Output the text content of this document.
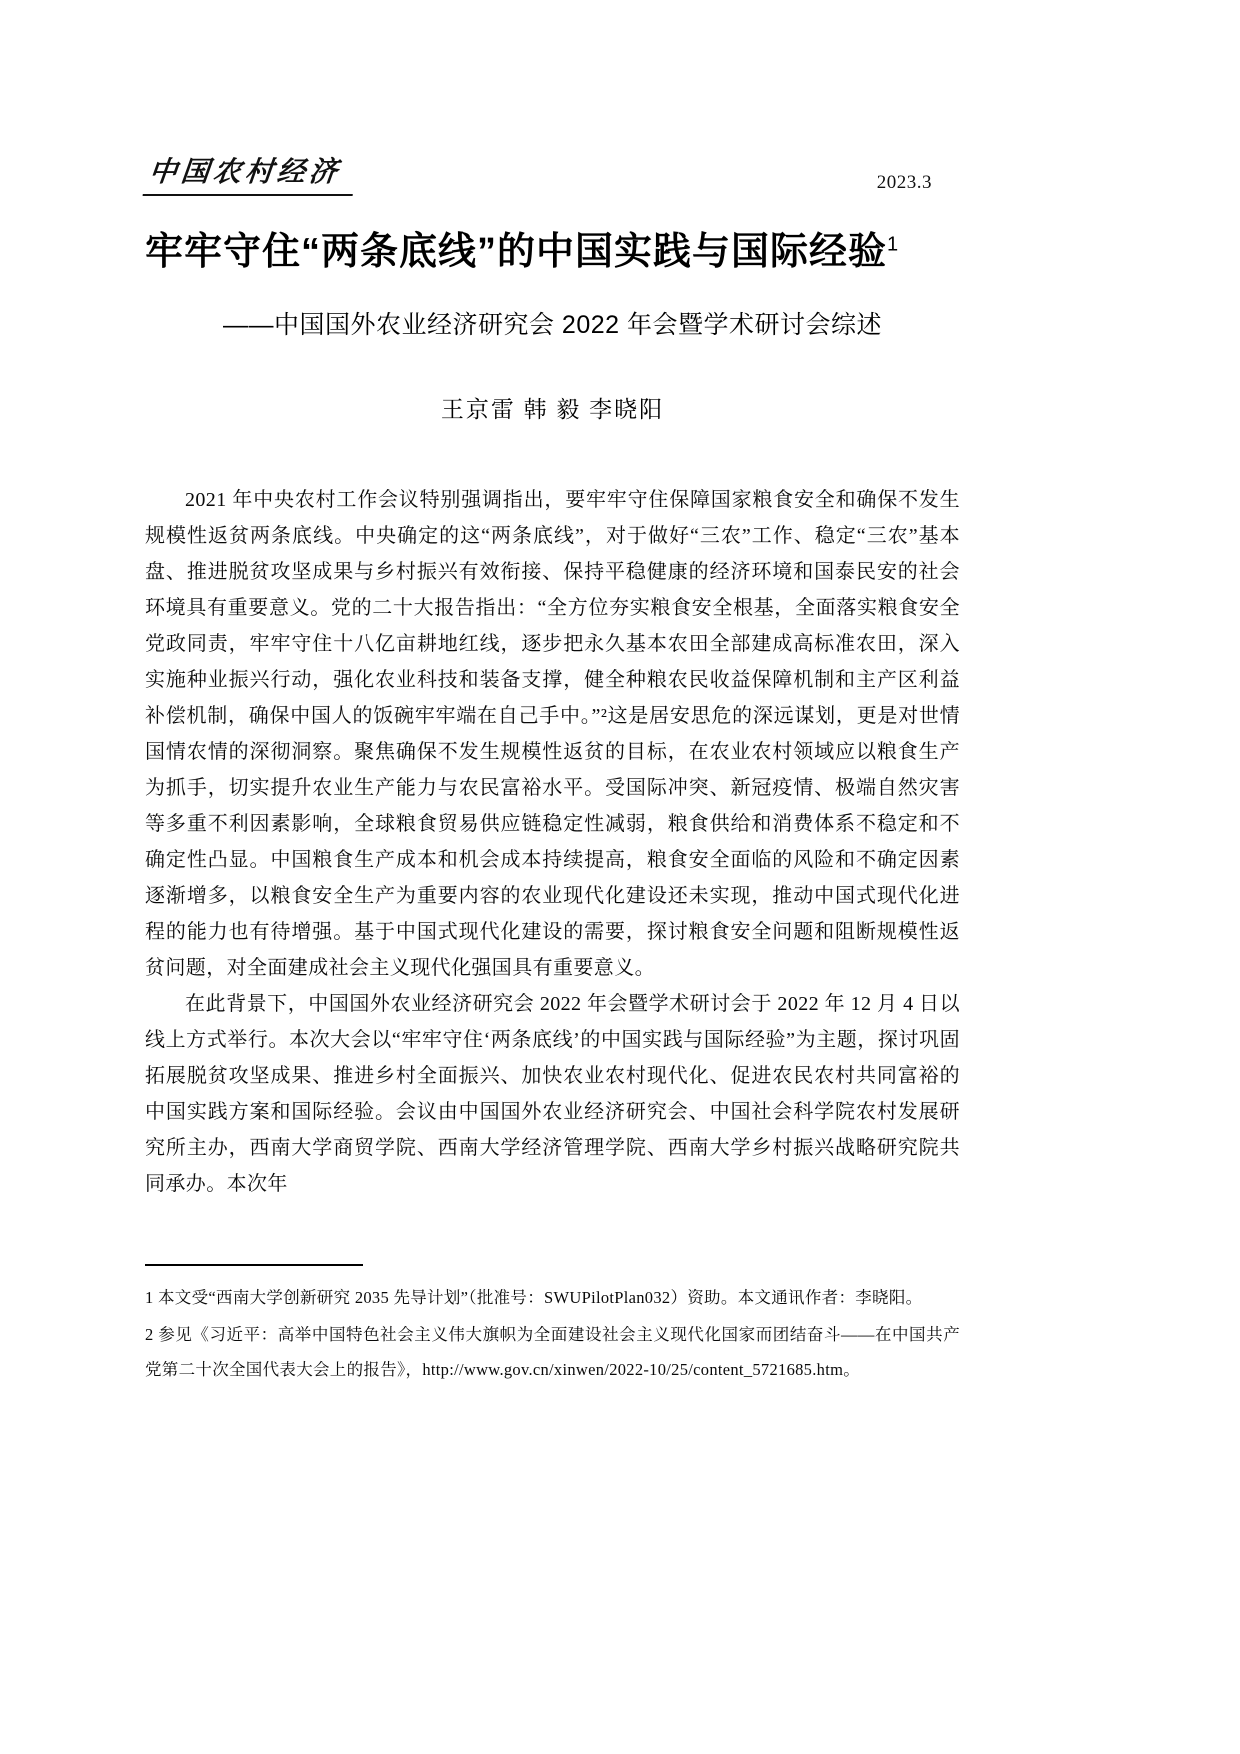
中国农村经济	2023.3
牢牢守住“两条底线”的中国实践与国际经验$^1$
——中国国外农业经济研究会 2022 年会暨学术研讨会综述
王京雷 韩 毅 李晓阳

2021 年中央农村工作会议特别强调指出，要牢牢守住保障国家粮食安全和确保不发生规模性返贫两条底线。中央确定的这“两条底线”，对于做好“三农”工作、稳定“三农”基本盘、推进脱贫攻坚成果与乡村振兴有效衔接、保持平稳健康的经济环境和国泰民安的社会环境具有重要意义。党的二十大报告指出：“全方位夯实粮食安全根基，全面落实粮食安全党政同责，牢牢守住十八亿亩耕地红线，逐步把永久基本农田全部建成高标准农田，深入实施种业振兴行动，强化农业科技和装备支撑，健全种粮农民收益保障机制和主产区利益补偿机制，确保中国人的饭碗牢牢端在自己手中。”²这是居安思危的深远谋划，更是对世情国情农情的深彻洞察。聚焦确保不发生规模性返贫的目标，在农业农村领域应以粮食生产为抓手，切实提升农业生产能力与农民富裕水平。受国际冲突、新冠疫情、极端自然灾害等多重不利因素影响，全球粮食贸易供应链稳定性减弱，粮食供给和消费体系不稳定和不确定性凸显。中国粮食生产成本和机会成本持续提高，粮食安全面临的风险和不确定因素逐渐增多，以粮食安全生产为重要内容的农业现代化建设还未实现，推动中国式现代化进程的能力也有待增强。基于中国式现代化建设的需要，探讨粮食安全问题和阻断规模性返贫问题，对全面建成社会主义现代化强国具有重要意义。

在此背景下，中国国外农业经济研究会 2022 年会暨学术研讨会于 2022 年 12 月 4 日以线上方式举行。本次大会以“牢牢守住‘两条底线’的中国实践与国际经验”为主题，探讨巩固拓展脱贫攻坚成果、推进乡村全面振兴、加快农业农村现代化、促进农民农村共同富裕的中国实践方案和国际经验。会议由中国国外农业经济研究会、中国社会科学院农村发展研究所主办，西南大学商贸学院、西南大学经济管理学院、西南大学乡村振兴战略研究院共同承办。本次年

1 本文受“西南大学创新研究 2035 先导计划”（批准号：SWUPilotPlan032）资助。本文通讯作者：李晓阳。

2 参见《习近平：高举中国特色社会主义伟大旗帜为全面建设社会主义现代化国家而团结奋斗——在中国共产党第二十次全国代表大会上的报告》，http://www.gov.cn/xinwen/2022-10/25/content_5721685.htm。
